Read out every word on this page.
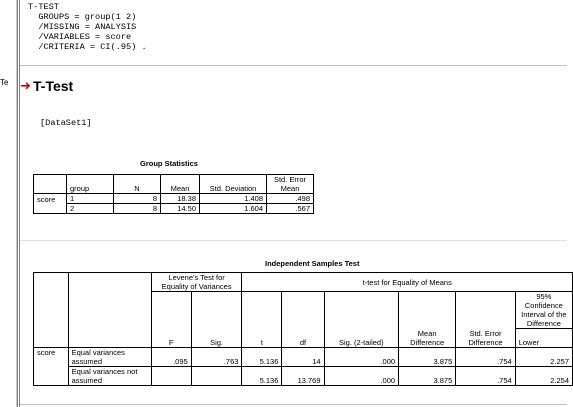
Te
T-TEST
GROUPS = group(1 2)
/MISSING = ANALYSIS
/VARIABLES = score
/CRITERIA = CI(.95) .
➜ T-Test
[DataSet1]
Group Statistics
	group	N	Mean	Std. Deviation	Std. Error Mean
score	1	8	18.38	1.408	.498
	2	8	14.50	1.604	.567
Independent Samples Test
		Levene's Test for Equality of Variances		t-test for Equality of Means					
									95% Confidence Interval of the Difference
		F	Sig.	t	df	Sig. (2-tailed)	Mean Difference	Std. Error Difference	Lower
score	Equal variances assumed	.095	.763	5.136	14	.000	3.875	.754	2.257
	Equal variances not assumed			5.136	13.769	.000	3.875	.754	2.254
